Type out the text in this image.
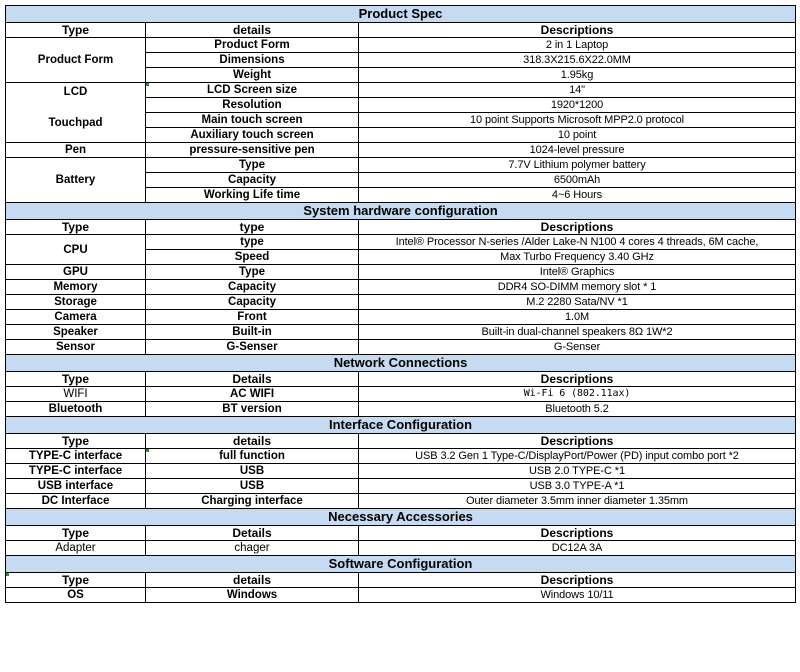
Product Spec		
Type	details	Descriptions
Product Form	Product Form	2 in 1 Laptop
	Dimensions	318.3X215.6X22.0MM
	Weight	1.95kg
LCD	LCD Screen size	14"
	Resolution	1920*1200
Touchpad	Main touch screen	10 point Supports Microsoft MPP2.0 protocol
	Auxiliary touch screen	10 point
Pen	pressure-sensitive pen	1024-level pressure
Battery	Type	7.7V Lithium polymer battery
	Capacity	6500mAh
	Working Life time	4~6 Hours
System hardware configuration		
Type	type	Descriptions
CPU	type	Intel® Processor N-series /Alder Lake-N N100 4 cores 4 threads, 6M cache,
	Speed	Max Turbo Frequency 3.40 GHz
GPU	Type	Intel® Graphics
Memory	Capacity	DDR4 SO-DIMM memory slot * 1
Storage	Capacity	M.2 2280 Sata/NV *1
Camera	Front	1.0M
Speaker	Built-in	Built-in dual-channel speakers 8Ω 1W*2
Sensor	G-Senser	G-Senser
Network Connections		
Type	Details	Descriptions
WIFI	AC WIFI	Wi-Fi 6 (802.11ax)
Bluetooth	BT version	Bluetooth 5.2
Interface Configuration		
Type	details	Descriptions
TYPE-C interface	full function	USB 3.2 Gen 1 Type-C/DisplayPort/Power (PD) input combo port *2
TYPE-C interface	USB	USB 2.0 TYPE-C *1
USB interface	USB	USB 3.0 TYPE-A *1
DC Interface	Charging interface	Outer diameter 3.5mm inner diameter 1.35mm
Necessary Accessories		
Type	Details	Descriptions
Adapter	chager	DC12A 3A
Software Configuration		
Type	details	Descriptions
OS	Windows	Windows 10/11
